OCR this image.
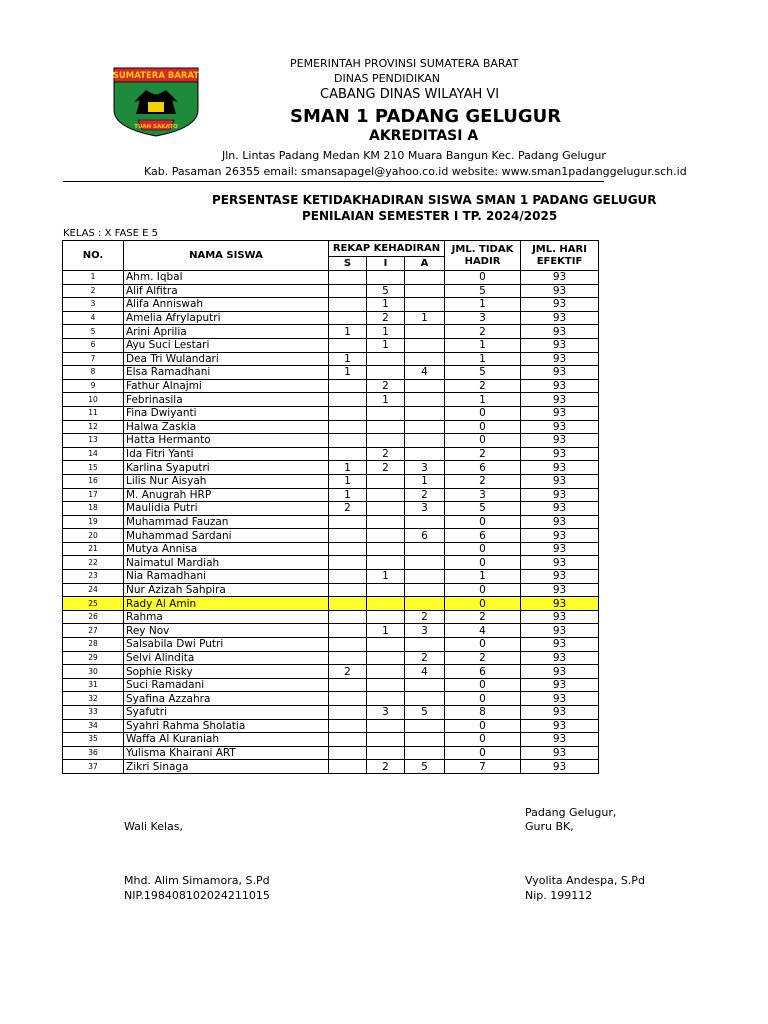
SUMATERA BARAT
TUAH SAKATO
PEMERINTAH PROVINSI SUMATERA BARAT
DINAS PENDIDIKAN
CABANG DINAS WILAYAH VI
SMAN 1 PADANG GELUGUR
AKREDITASI A
Jln. Lintas Padang Medan KM 210 Muara Bangun Kec. Padang Gelugur
Kab. Pasaman 26355 email: smansapagel@yahoo.co.id website: www.sman1padanggelugur.sch.id
PERSENTASE KETIDAKHADIRAN SISWA SMAN 1 PADANG GELUGUR
PENILAIAN SEMESTER I TP. 2024/2025
KELAS : X FASE E 5
NO.	NAMA SISWA	REKAP KEHADIRAN			JML. TIDAK HADIR	JML. HARI EFEKTIF
		S	I	A		
1	Ahm. Iqbal				0	93
2	Alif Alfitra		5		5	93
3	Alifa Anniswah		1		1	93
4	Amelia Afrylaputri		2	1	3	93
5	Arini Aprilia	1	1		2	93
6	Ayu Suci Lestari		1		1	93
7	Dea Tri Wulandari	1			1	93
8	Elsa Ramadhani	1		4	5	93
9	Fathur Alnajmi		2		2	93
10	Febrinasila		1		1	93
11	Fina Dwiyanti				0	93
12	Halwa Zaskia				0	93
13	Hatta Hermanto				0	93
14	Ida Fitri Yanti		2		2	93
15	Karlina Syaputri	1	2	3	6	93
16	Lilis Nur Aisyah	1		1	2	93
17	M. Anugrah HRP	1		2	3	93
18	Maulidia Putri	2		3	5	93
19	Muhammad Fauzan				0	93
20	Muhammad Sardani			6	6	93
21	Mutya Annisa				0	93
22	Naimatul Mardiah				0	93
23	Nia Ramadhani		1		1	93
24	Nur Azizah Sahpira				0	93
25	Rady Al Amin				0	93
26	Rahma			2	2	93
27	Rey Nov		1	3	4	93
28	Salsabila Dwi Putri				0	93
29	Selvi Alindita			2	2	93
30	Sophie Risky	2		4	6	93
31	Suci Ramadani				0	93
32	Syafina Azzahra				0	93
33	Syafutri		3	5	8	93
34	Syahri Rahma Sholatia				0	93
35	Waffa Al Kuraniah				0	93
36	Yulisma Khairani ART				0	93
37	Zikri Sinaga		2	5	7	93
Padang Gelugur,
Wali Kelas,	Guru BK,
Mhd. Alim Simamora, S.Pd
NIP.198408102024211015
Vyolita Andespa, S.Pd
Nip. 199112
